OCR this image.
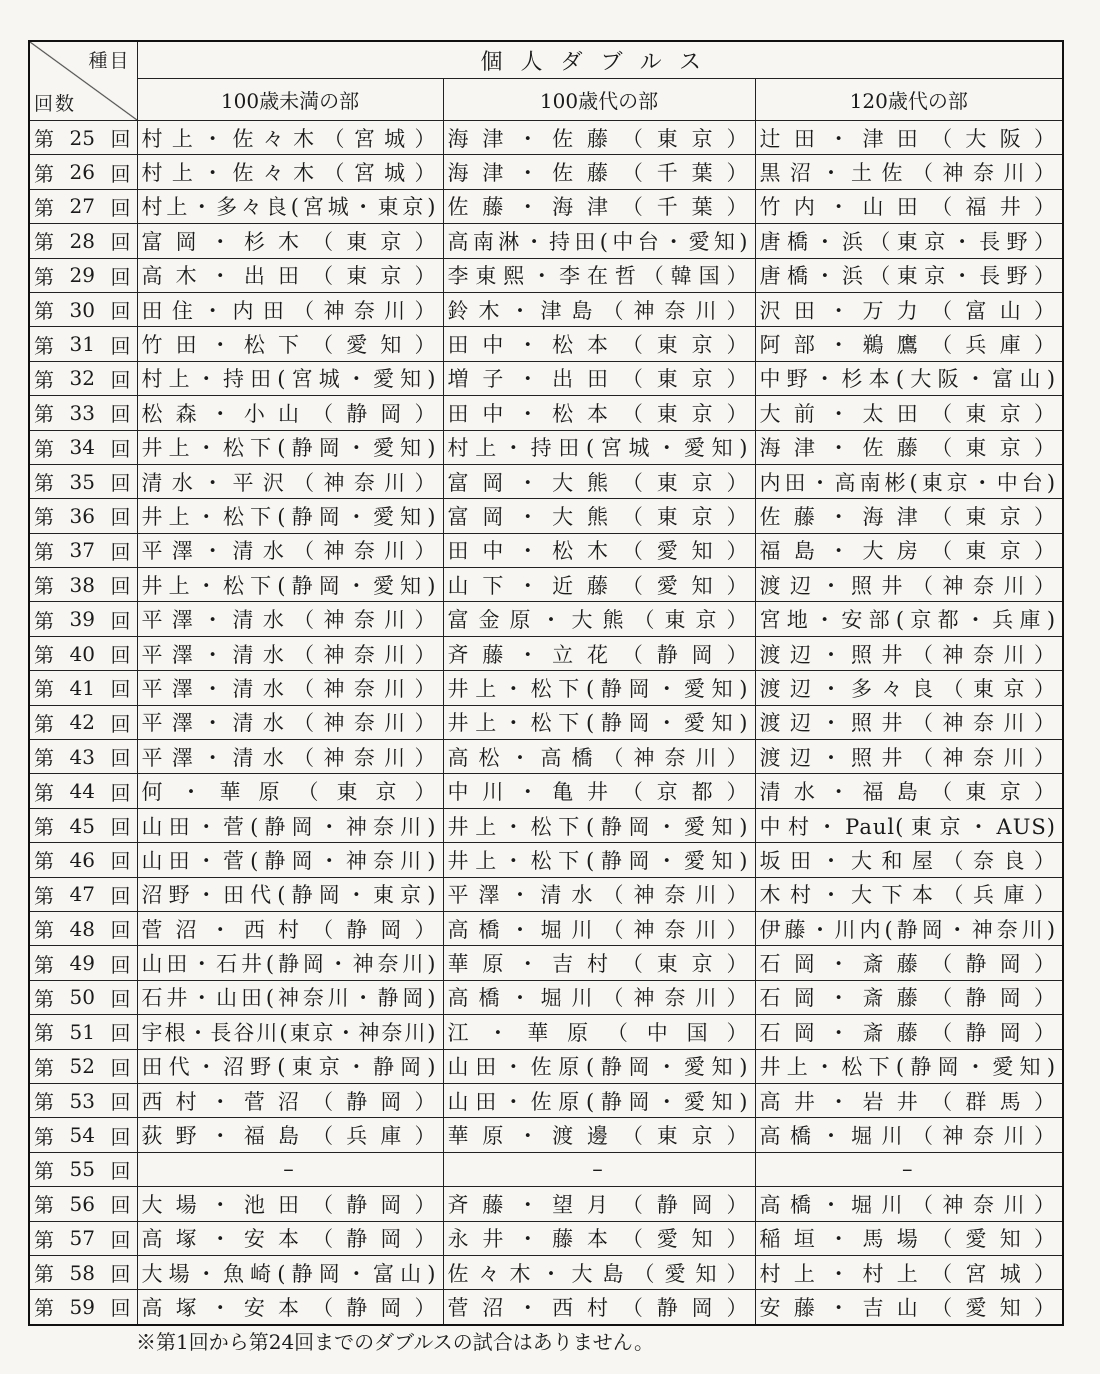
種目
回数	個人ダブルス		
	100歳未満の部	100歳代の部	120歳代の部

第 25 回	村上・佐々木（宮城）	海津・佐藤（東京）	辻田・津田（大阪）

第 26 回	村上・佐々木（宮城）	海津・佐藤（千葉）	黒沼・土佐（神奈川）

第 27 回	村上・多々良(宮城・東京)	佐藤・海津（千葉）	竹内・山田（福井）

第 28 回	富岡・杉木（東京）	高南淋・持田(中台・愛知)	唐橋・浜（東京・長野）

第 29 回	高木・出田（東京）	李東熙・李在哲（韓国）	唐橋・浜（東京・長野）

第 30 回	田住・内田（神奈川）	鈴木・津島（神奈川）	沢田・万力（富山）

第 31 回	竹田・松下（愛知）	田中・松本（東京）	阿部・鵜鷹（兵庫）

第 32 回	村上・持田(宮城・愛知)	増子・出田（東京）	中野・杉本(大阪・富山)

第 33 回	松森・小山（静岡）	田中・松本（東京）	大前・太田（東京）

第 34 回	井上・松下(静岡・愛知)	村上・持田(宮城・愛知)	海津・佐藤（東京）

第 35 回	清水・平沢（神奈川）	富岡・大熊（東京）	内田・高南彬(東京・中台)

第 36 回	井上・松下(静岡・愛知)	富岡・大熊（東京）	佐藤・海津（東京）

第 37 回	平澤・清水（神奈川）	田中・松木（愛知）	福島・大房（東京）

第 38 回	井上・松下(静岡・愛知)	山下・近藤（愛知）	渡辺・照井（神奈川）

第 39 回	平澤・清水（神奈川）	富金原・大熊（東京）	宮地・安部(京都・兵庫)

第 40 回	平澤・清水（神奈川）	斉藤・立花（静岡）	渡辺・照井（神奈川）

第 41 回	平澤・清水（神奈川）	井上・松下(静岡・愛知)	渡辺・多々良（東京）

第 42 回	平澤・清水（神奈川）	井上・松下(静岡・愛知)	渡辺・照井（神奈川）

第 43 回	平澤・清水（神奈川）	高松・高橋（神奈川）	渡辺・照井（神奈川）

第 44 回	何・華原（東京）	中川・亀井（京都）	清水・福島（東京）

第 45 回	山田・菅(静岡・神奈川)	井上・松下(静岡・愛知)	中村・Paul(東京・AUS)

第 46 回	山田・菅(静岡・神奈川)	井上・松下(静岡・愛知)	坂田・大和屋（奈良）

第 47 回	沼野・田代(静岡・東京)	平澤・清水（神奈川）	木村・大下本（兵庫）

第 48 回	菅沼・西村（静岡）	高橋・堀川（神奈川）	伊藤・川内(静岡・神奈川)

第 49 回	山田・石井(静岡・神奈川)	華原・吉村（東京）	石岡・斎藤（静岡）

第 50 回	石井・山田(神奈川・静岡)	高橋・堀川（神奈川）	石岡・斎藤（静岡）

第 51 回	宇根・長谷川(東京・神奈川)	江・華原（中国）	石岡・斎藤（静岡）

第 52 回	田代・沼野(東京・静岡)	山田・佐原(静岡・愛知)	井上・松下(静岡・愛知)

第 53 回	西村・菅沼（静岡）	山田・佐原(静岡・愛知)	高井・岩井（群馬）

第 54 回	荻野・福島（兵庫）	華原・渡邊（東京）	高橋・堀川（神奈川）

第 55 回	–	–	–

第 56 回	大場・池田（静岡）	斉藤・望月（静岡）	高橋・堀川（神奈川）

第 57 回	高塚・安本（静岡）	永井・藤本（愛知）	稲垣・馬場（愛知）

第 58 回	大場・魚崎(静岡・富山)	佐々木・大島（愛知）	村上・村上（宮城）

第 59 回	高塚・安本（静岡）	菅沼・西村（静岡）	安藤・吉山（愛知）
※第1回から第24回までのダブルスの試合はありません。
